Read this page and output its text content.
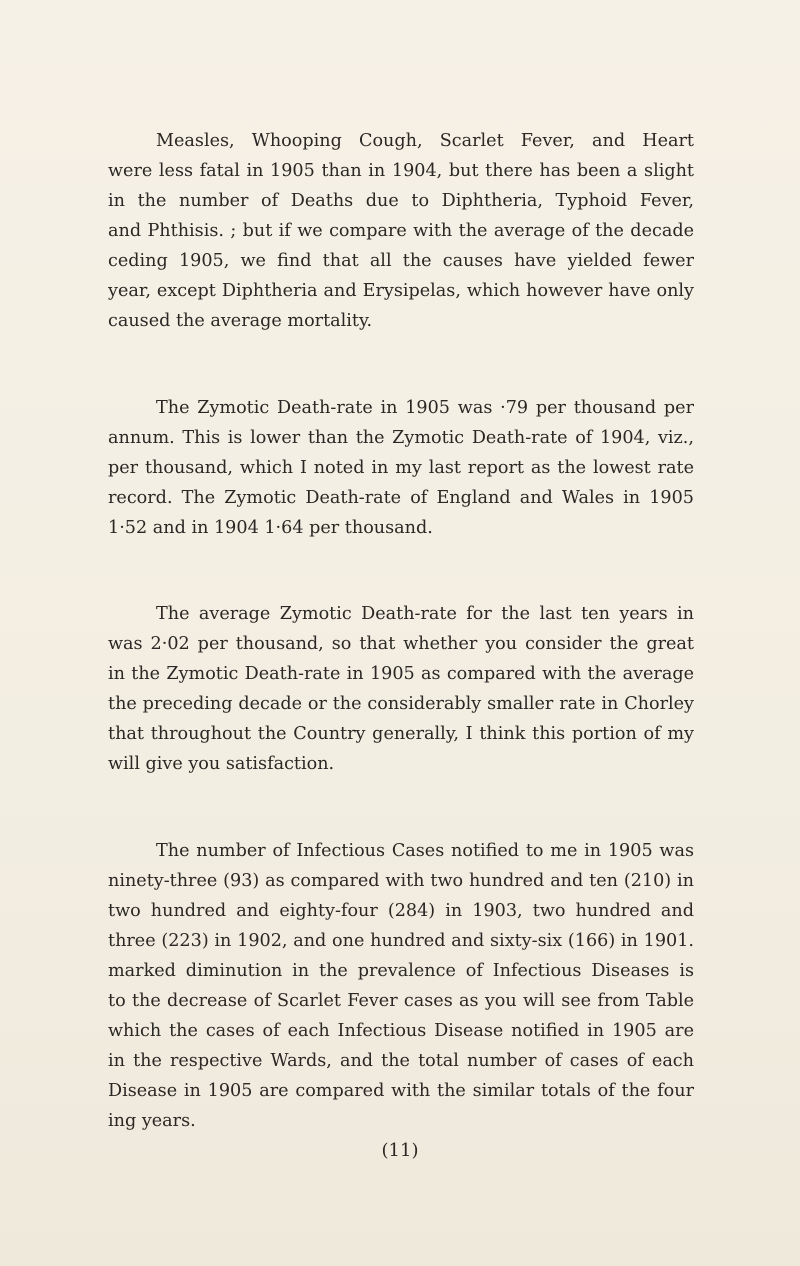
Measles, Whooping Cough, Scarlet Fever, and Heart
were less fatal in 1905 than in 1904, but there has been a slight
in the number of Deaths due to Diphtheria, Typhoid Fever,
and Phthisis. ; but if we compare with the average of the decade
ceding 1905, we find that all the causes have yielded fewer
year, except Diphtheria and Erysipelas, which however have only
caused the average mortality.
The Zymotic Death-rate in 1905 was ·79 per thousand per
annum. This is lower than the Zymotic Death-rate of 1904, viz.,
per thousand, which I noted in my last report as the lowest rate
record. The Zymotic Death-rate of England and Wales in 1905
1·52 and in 1904 1·64 per thousand.
The average Zymotic Death-rate for the last ten years in
was 2·02 per thousand, so that whether you consider the great
in the Zymotic Death-rate in 1905 as compared with the average
the preceding decade or the considerably smaller rate in Chorley
that throughout the Country generally, I think this portion of my
will give you satisfaction.
The number of Infectious Cases notified to me in 1905 was
ninety-three (93) as compared with two hundred and ten (210) in
two hundred and eighty-four (284) in 1903, two hundred and
three (223) in 1902, and one hundred and sixty-six (166) in 1901.
marked diminution in the prevalence of Infectious Diseases is
to the decrease of Scarlet Fever cases as you will see from Table
which the cases of each Infectious Disease notified in 1905 are
in the respective Wards, and the total number of cases of each
Disease in 1905 are compared with the similar totals of the four
ing years.
(11)
